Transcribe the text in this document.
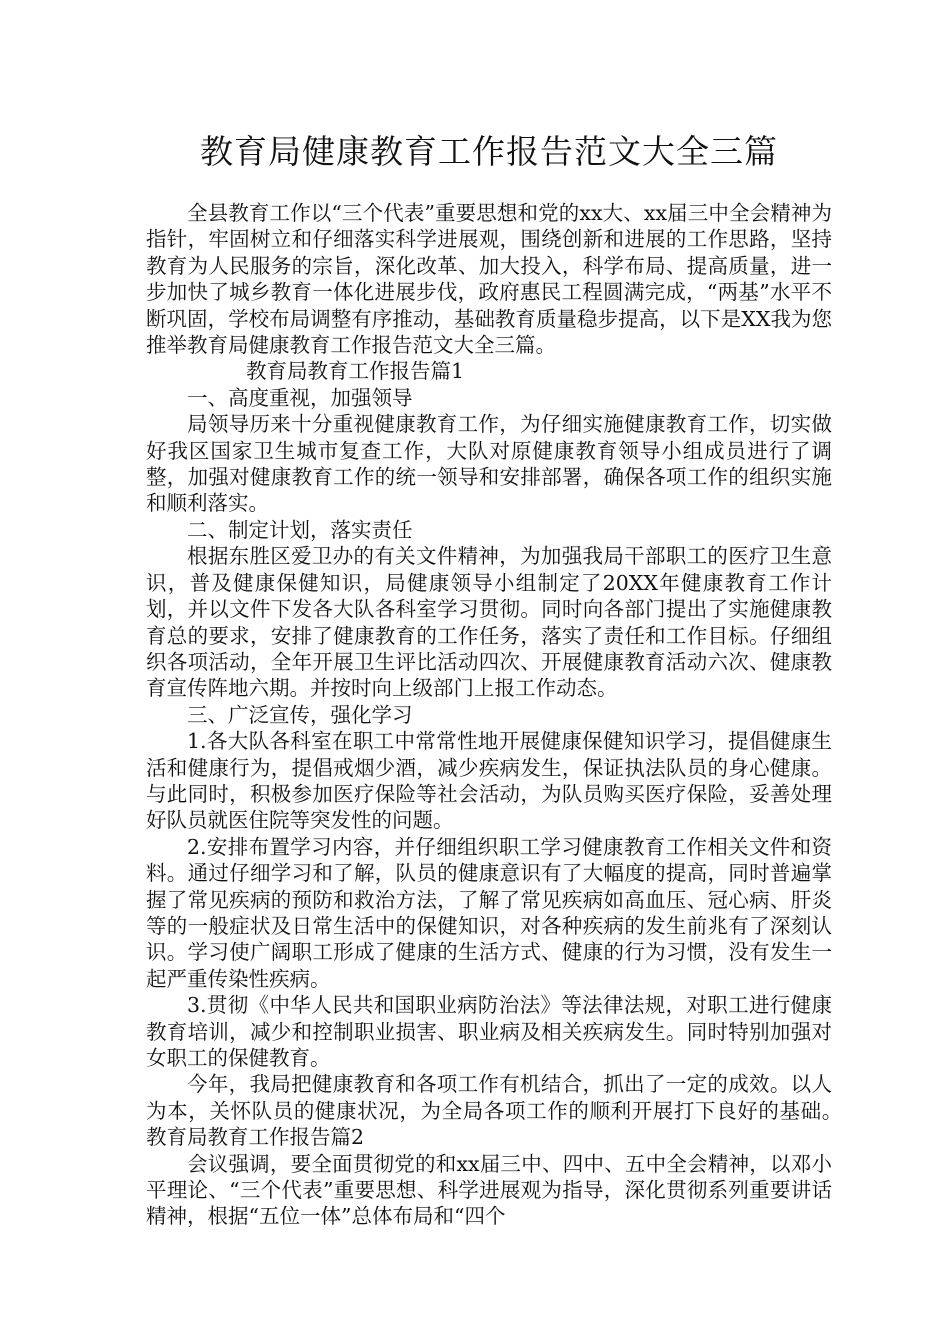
教育局健康教育工作报告范文大全三篇

全县教育工作以“三个代表”重要思想和党的xx大、xx届三中全会精神为指针，牢固树立和仔细落实科学进展观，围绕创新和进展的工作思路，坚持教育为人民服务的宗旨，深化改革、加大投入，科学布局、提高质量，进一步加快了城乡教育一体化进展步伐，政府惠民工程圆满完成，“两基”水平不断巩固，学校布局调整有序推动，基础教育质量稳步提高，以下是XX我为您推举教育局健康教育工作报告范文大全三篇。

教育局教育工作报告篇1

一、高度重视，加强领导

局领导历来十分重视健康教育工作，为仔细实施健康教育工作，切实做好我区国家卫生城市复查工作，大队对原健康教育领导小组成员进行了调整，加强对健康教育工作的统一领导和安排部署，确保各项工作的组织实施和顺利落实。

二、制定计划，落实责任

根据东胜区爱卫办的有关文件精神，为加强我局干部职工的医疗卫生意识，普及健康保健知识，局健康领导小组制定了20XX年健康教育工作计划，并以文件下发各大队各科室学习贯彻。同时向各部门提出了实施健康教育总的要求，安排了健康教育的工作任务，落实了责任和工作目标。仔细组织各项活动，全年开展卫生评比活动四次、开展健康教育活动六次、健康教育宣传阵地六期。并按时向上级部门上报工作动态。

三、广泛宣传，强化学习

1.各大队各科室在职工中常常性地开展健康保健知识学习，提倡健康生活和健康行为，提倡戒烟少酒，减少疾病发生，保证执法队员的身心健康。与此同时，积极参加医疗保险等社会活动，为队员购买医疗保险，妥善处理好队员就医住院等突发性的问题。

2.安排布置学习内容，并仔细组织职工学习健康教育工作相关文件和资料。通过仔细学习和了解，队员的健康意识有了大幅度的提高，同时普遍掌握了常见疾病的预防和救治方法，了解了常见疾病如高血压、冠心病、肝炎等的一般症状及日常生活中的保健知识，对各种疾病的发生前兆有了深刻认识。学习使广阔职工形成了健康的生活方式、健康的行为习惯，没有发生一起严重传染性疾病。

3.贯彻《中华人民共和国职业病防治法》等法律法规，对职工进行健康教育培训，减少和控制职业损害、职业病及相关疾病发生。同时特别加强对女职工的保健教育。

今年，我局把健康教育和各项工作有机结合，抓出了一定的成效。以人为本，关怀队员的健康状况，为全局各项工作的顺利开展打下良好的基础。　　教育局教育工作报告篇2

会议强调，要全面贯彻党的和xx届三中、四中、五中全会精神，以邓小平理论、“三个代表”重要思想、科学进展观为指导，深化贯彻系列重要讲话精神，根据“五位一体”总体布局和“四个
